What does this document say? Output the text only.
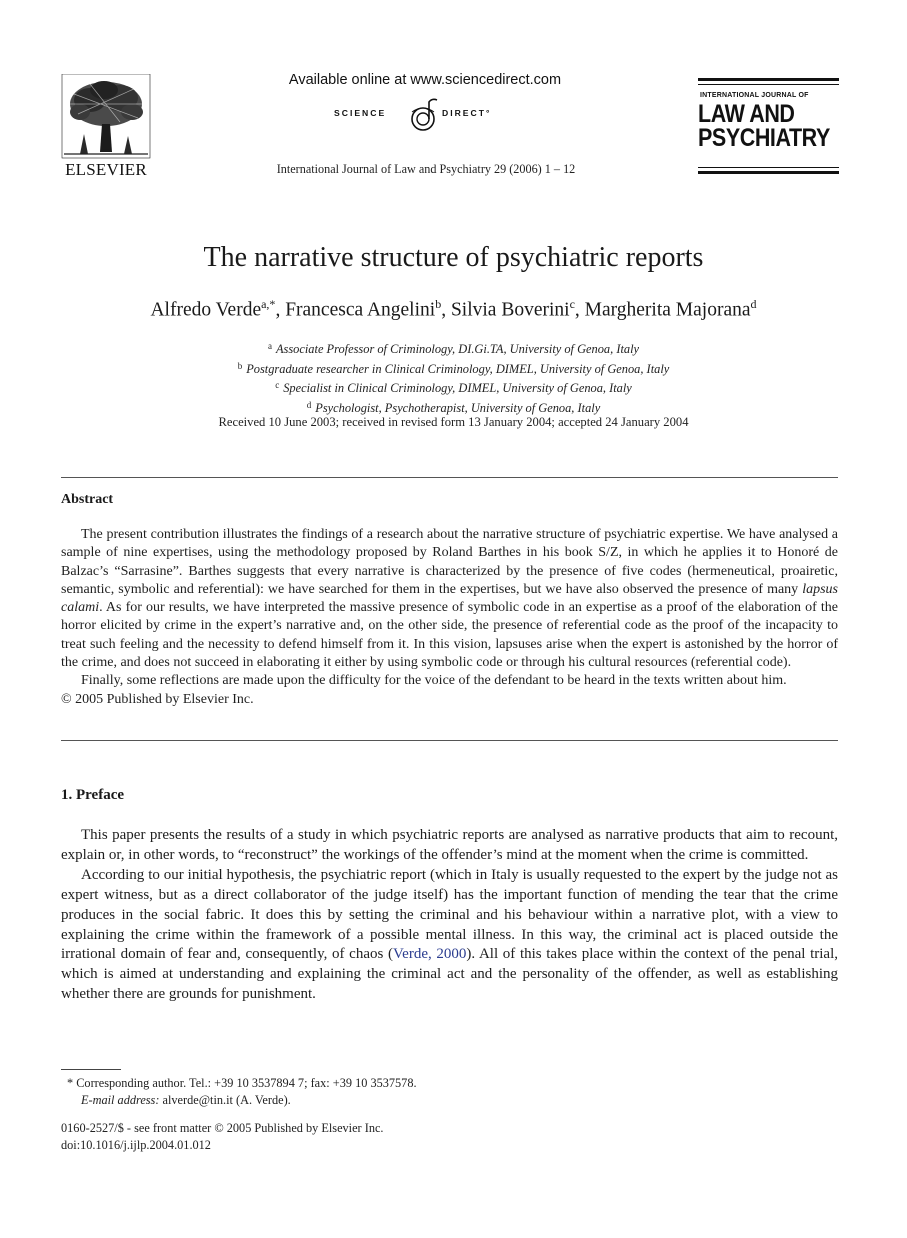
ELSEVIER
Available online at www.sciencedirect.com
SCIENCE	DIRECT°
International Journal of Law and Psychiatry 29 (2006) 1 – 12
INTERNATIONAL JOURNAL OF
LAW AND
PSYCHIATRY
The narrative structure of psychiatric reports
Alfredo Verde$^{a,*}$, Francesca Angelini$^b$, Silvia Boverini$^c$, Margherita Majorana$^d$
$^a$ Associate Professor of Criminology, DI.Gi.TA, University of Genoa, Italy
$^b$ Postgraduate researcher in Clinical Criminology, DIMEL, University of Genoa, Italy
$^c$ Specialist in Clinical Criminology, DIMEL, University of Genoa, Italy
$^d$ Psychologist, Psychotherapist, University of Genoa, Italy
Received 10 June 2003; received in revised form 13 January 2004; accepted 24 January 2004
Abstract

The present contribution illustrates the findings of a research about the narrative structure of psychiatric expertise. We have analysed a sample of nine expertises, using the methodology proposed by Roland Barthes in his book S/Z, in which he applies it to Honoré de Balzac’s “Sarrasine”. Barthes suggests that every narrative is characterized by the presence of five codes (hermeneutical, proairetic, semantic, symbolic and referential): we have searched for them in the expertises, but we have also observed the presence of many lapsus calami. As for our results, we have interpreted the massive presence of symbolic code in an expertise as a proof of the elaboration of the horror elicited by crime in the expert’s narrative and, on the other side, the presence of referential code as the proof of the incapacity to treat such feeling and the necessity to defend himself from it. In this vision, lapsuses arise when the expert is astonished by the horror of the crime, and does not succeed in elaborating it either by using symbolic code or through his cultural resources (referential code).

Finally, some reflections are made upon the difficulty for the voice of the defendant to be heard in the texts written about him.

© 2005 Published by Elsevier Inc.

1. Preface

This paper presents the results of a study in which psychiatric reports are analysed as narrative products that aim to recount, explain or, in other words, to “reconstruct” the workings of the offender’s mind at the moment when the crime is committed.

According to our initial hypothesis, the psychiatric report (which in Italy is usually requested to the expert by the judge not as expert witness, but as a direct collaborator of the judge itself) has the important function of mending the tear that the crime produces in the social fabric. It does this by setting the criminal and his behaviour within a narrative plot, with a view to explaining the crime within the framework of a possible mental illness. In this way, the criminal act is placed outside the irrational domain of fear and, consequently, of chaos (Verde, 2000). All of this takes place within the context of the penal trial, which is aimed at understanding and explaining the criminal act and the personality of the offender, as well as establishing whether there are grounds for punishment.

* Corresponding author. Tel.: +39 10 3537894 7; fax: +39 10 3537578.
E-mail address: alverde@tin.it (A. Verde).
0160-2527/$ - see front matter © 2005 Published by Elsevier Inc.
doi:10.1016/j.ijlp.2004.01.012
